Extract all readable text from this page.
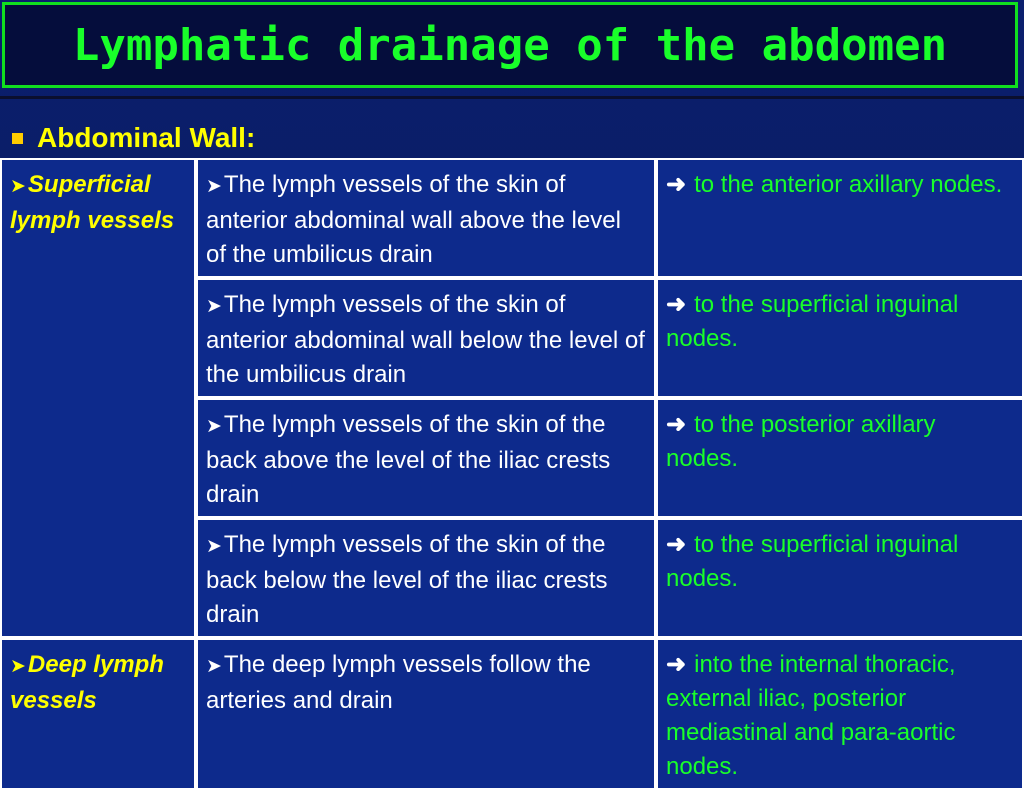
Lymphatic drainage of the abdomen
Abdominal Wall:
➤Superficial lymph vessels	➤The lymph vessels of the skin of anterior abdominal wall above the level of the umbilicus drain	➜ to the anterior axillary nodes.
	➤The lymph vessels of the skin of anterior abdominal wall below the level of the umbilicus drain	➜ to the superficial inguinal nodes.
	➤The lymph vessels of the skin of the back above the level of the iliac crests drain	➜ to the posterior axillary nodes.
	➤The lymph vessels of the skin of the back below the level of the iliac crests drain	➜ to the superficial inguinal nodes.
➤Deep lymph vessels	➤The deep lymph vessels follow the arteries and drain	➜ into the internal thoracic, external iliac, posterior mediastinal and para-aortic nodes.
